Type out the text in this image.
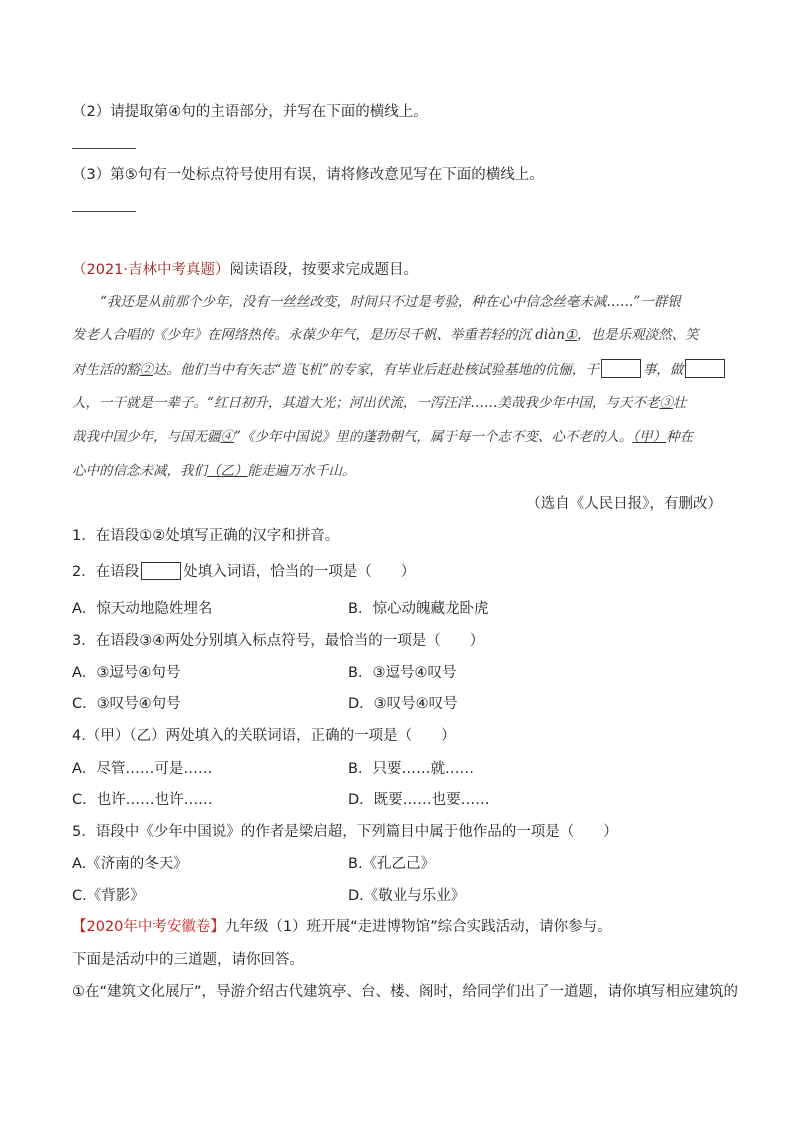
（2）请提取第④句的主语部分，并写在下面的横线上。
（3）第⑤句有一处标点符号使用有误，请将修改意见写在下面的横线上。
（2021·吉林中考真题）阅读语段，按要求完成题目。
“我还是从前那个少年，没有一丝丝改变，时间只不过是考验，种在心中信念丝毫未减……”一群银
发老人合唱的《少年》在网络热传。永葆少年气，是历尽千帆、举重若轻的沉 diàn①，也是乐观淡然、笑
对生活的豁②达。他们当中有矢志“造飞机”的专家，有毕业后赶赴核试验基地的伉俪，干	事，做
人，一干就是一辈子。“红日初升，其道大光；河出伏流，一泻汪洋……美哉我少年中国，与天不老③壮
哉我中国少年，与国无疆④”《少年中国说》里的蓬勃朝气，属于每一个志不变、心不老的人。（甲）种在
心中的信念未减，我们（乙）能走遍万水千山。
（选自《人民日报》，有删改）
1．在语段①②处填写正确的汉字和拼音。
2．在语段	处填入词语，恰当的一项是（　　）
A．惊天动地隐姓埋名	B．惊心动魄藏龙卧虎
3．在语段③④两处分别填入标点符号，最恰当的一项是（　　）
A．③逗号④句号	B．③逗号④叹号
C．③叹号④句号	D．③叹号④叹号
4.（甲）（乙）两处填入的关联词语，正确的一项是（　　）
A．尽管……可是……	B．只要……就……
C．也许……也许……	D．既要……也要……
5．语段中《少年中国说》的作者是梁启超，下列篇目中属于他作品的一项是（　　）
A.《济南的冬天》	B.《孔乙己》
C.《背影》	D.《敬业与乐业》
【2020年中考安徽卷】九年级（1）班开展“走进博物馆”综合实践活动，请你参与。
下面是活动中的三道题，请你回答。
①在“建筑文化展厅”，导游介绍古代建筑亭、台、楼、阁时，给同学们出了一道题，请你填写相应建筑的
